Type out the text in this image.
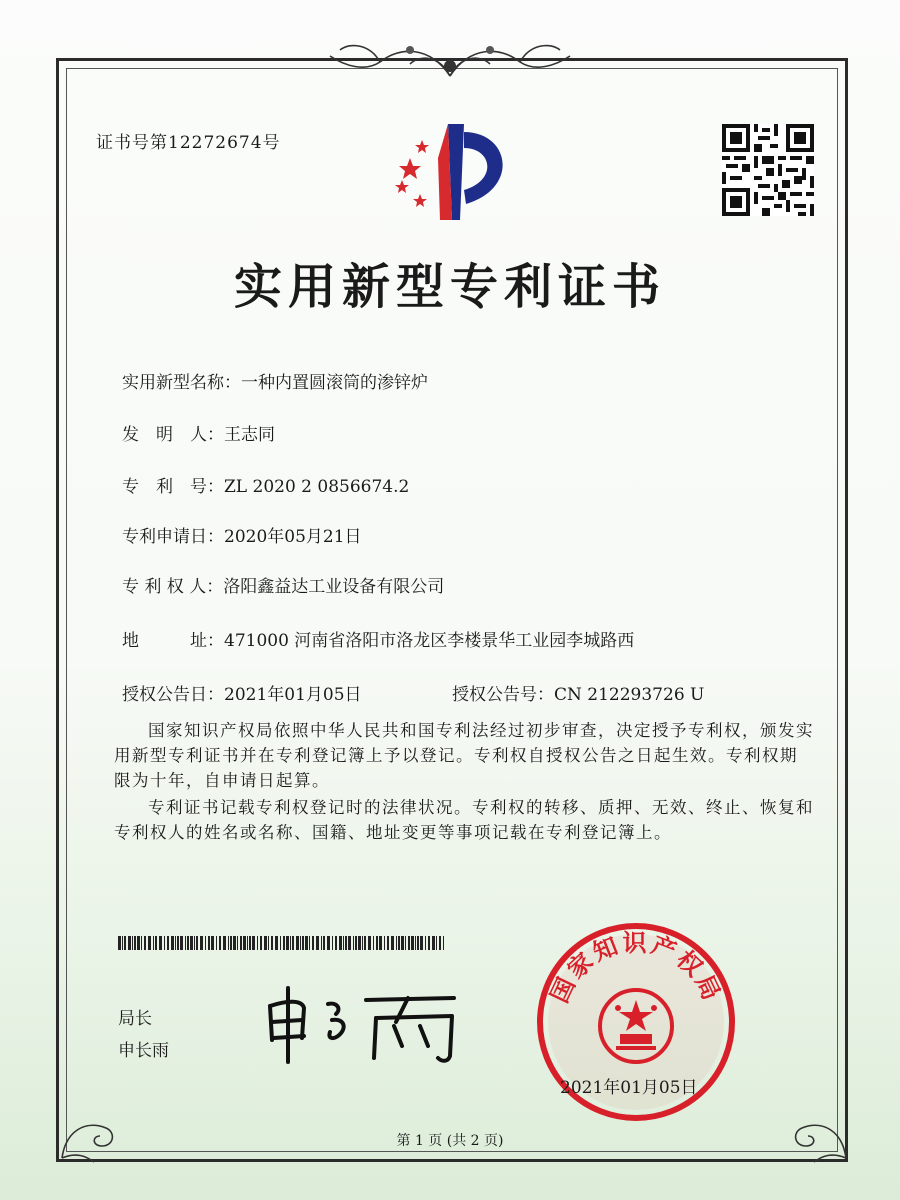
证书号第12272674号
实用新型专利证书
实用新型名称：一种内置圆滚筒的渗锌炉
发　明　人：王志同
专　利　号：ZL 2020 2 0856674.2
专利申请日：2020年05月21日
专 利 权 人：洛阳鑫益达工业设备有限公司
地　　　址：471000 河南省洛阳市洛龙区李楼景华工业园李城路西
授权公告日：2021年01月05日	授权公告号：CN 212293726 U
国家知识产权局依照中华人民共和国专利法经过初步审查，决定授予专利权，颁发实用新型专利证书并在专利登记簿上予以登记。专利权自授权公告之日起生效。专利权期限为十年，自申请日起算。
专利证书记载专利权登记时的法律状况。专利权的转移、质押、无效、终止、恢复和专利权人的姓名或名称、国籍、地址变更等事项记载在专利登记簿上。
局长
申长雨
国家知识产权局
2021年01月05日
第 1 页 (共 2 页)
